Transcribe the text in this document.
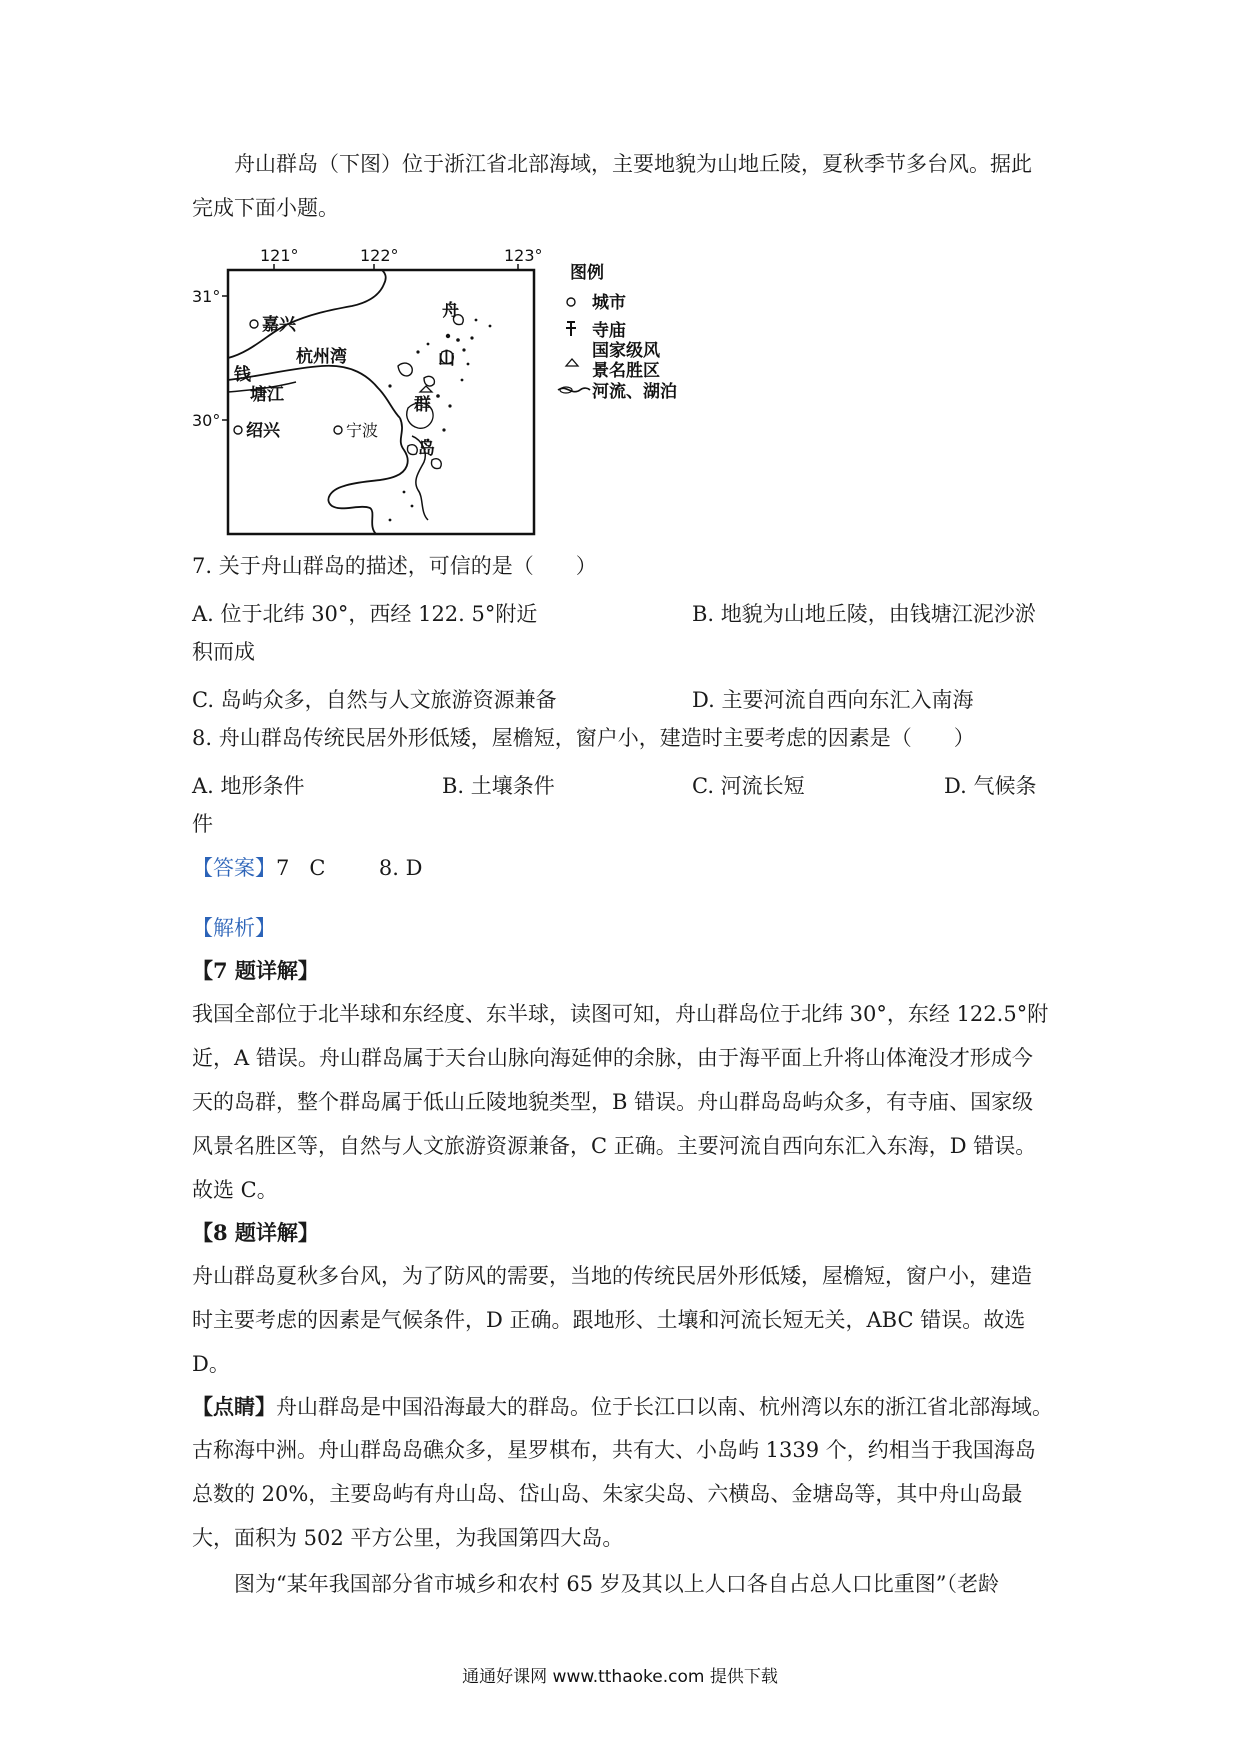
舟山群岛（下图）位于浙江省北部海域，主要地貌为山地丘陵，夏秋季节多台风。据此
完成下面小题。
121°	122°	123°
31°
30°
嘉兴
杭州湾
钱
塘江
绍兴	宁波
舟
山
群
岛
图例
城市
寺庙
国家级风
景名胜区
河流、湖泊
7. 关于舟山群岛的描述，可信的是（　　）
A. 位于北纬 30°，西经 122. 5°附近	B. 地貌为山地丘陵，由钱塘江泥沙淤
积而成
C. 岛屿众多，自然与人文旅游资源兼备	D. 主要河流自西向东汇入南海
8. 舟山群岛传统民居外形低矮，屋檐短，窗户小，建造时主要考虑的因素是（　　）
A. 地形条件	B. 土壤条件	C. 河流长短	D. 气候条
件
【答案】7   C        8. D
【解析】
【7 题详解】
我国全部位于北半球和东经度、东半球，读图可知，舟山群岛位于北纬 30°，东经 122.5°附
近，A 错误。舟山群岛属于天台山脉向海延伸的余脉，由于海平面上升将山体淹没才形成今
天的岛群，整个群岛属于低山丘陵地貌类型，B 错误。舟山群岛岛屿众多，有寺庙、国家级
风景名胜区等，自然与人文旅游资源兼备，C 正确。主要河流自西向东汇入东海，D 错误。
故选 C。
【8 题详解】
舟山群岛夏秋多台风，为了防风的需要，当地的传统民居外形低矮，屋檐短，窗户小，建造
时主要考虑的因素是气候条件，D 正确。跟地形、土壤和河流长短无关，ABC 错误。故选
D。
【点睛】舟山群岛是中国沿海最大的群岛。位于长江口以南、杭州湾以东的浙江省北部海域。
古称海中洲。舟山群岛岛礁众多，星罗棋布，共有大、小岛屿 1339 个，约相当于我国海岛
总数的 20%，主要岛屿有舟山岛、岱山岛、朱家尖岛、六横岛、金塘岛等，其中舟山岛最
大，面积为 502 平方公里，为我国第四大岛。
图为“某年我国部分省市城乡和农村 65 岁及其以上人口各自占总人口比重图”（老龄
通通好课网 www.tthaoke.com 提供下载
